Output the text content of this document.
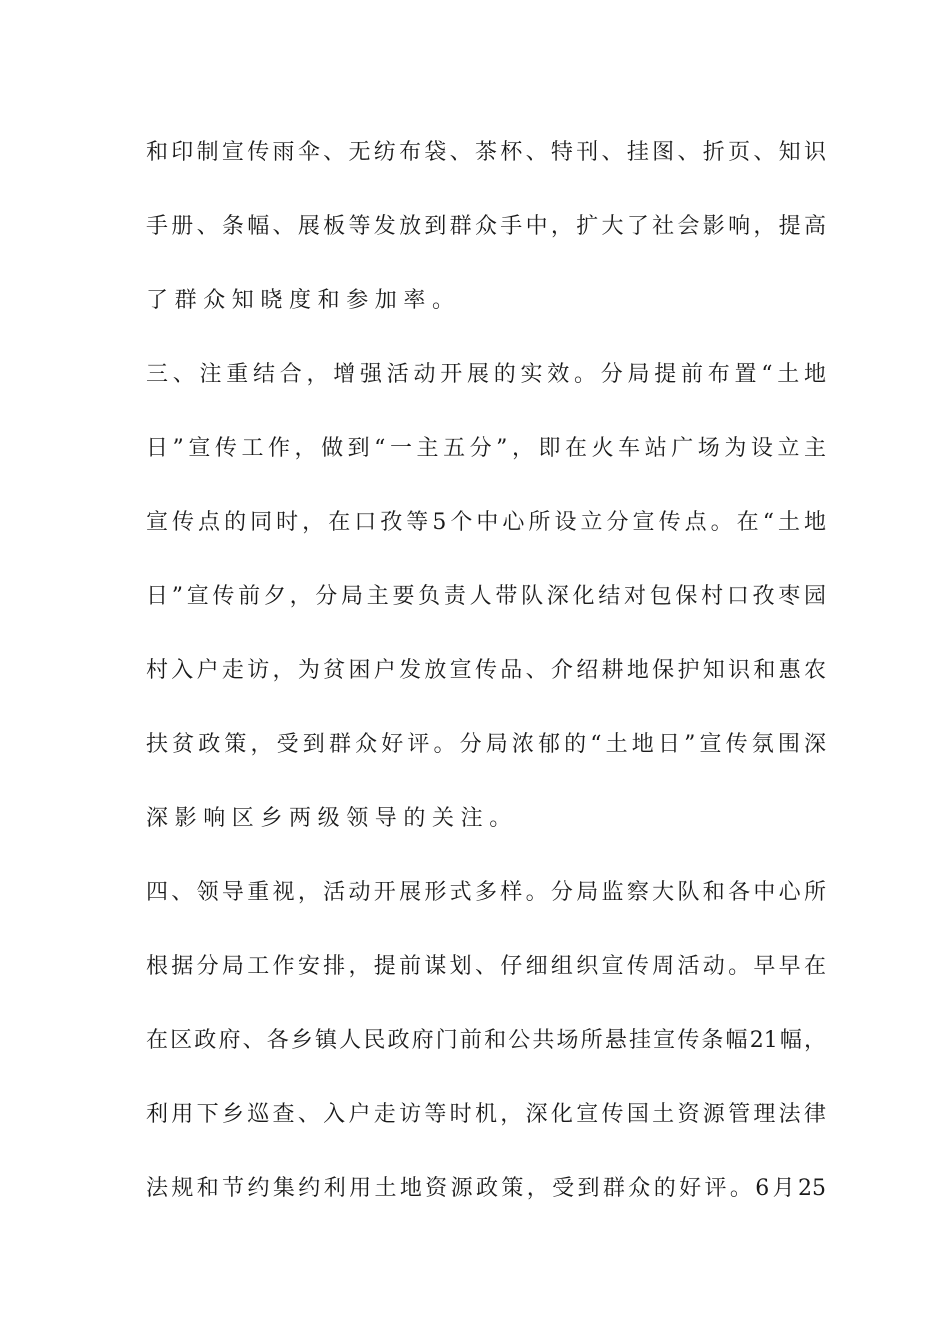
和​印​制​宣​传​雨​伞​、​无​纺​布​袋​、​茶​杯​、​特​刊​、​挂​图​、​折​页​、​知​识
手​册​、​条​幅​、​展​板​等​发​放​到​群​众​手​中​，​扩​大​了​社​会​影​响​，​提​高
了群众知晓度和参加率。
三​、​注​重​结​合​，​增​强​活​动​开​展​的​实​效​。​分​局​提​前​布​置​“​土​地
日​”​宣​传​工​作​，​做​到​“​一​主​五​分​”​，​即​在​火​车​站​广​场​为​设​立​主
宣​传​点​的​同​时​，​在​口​孜​等​5​个​中​心​所​设​立​分​宣​传​点​。​在​“​土​地
日​”​宣​传​前​夕​，​分​局​主​要​负​责​人​带​队​深​化​结​对​包​保​村​口​孜​枣​园
村​入​户​走​访​，​为​贫​困​户​发​放​宣​传​品​、​介​绍​耕​地​保​护​知​识​和​惠​农
扶​贫​政​策​，​受​到​群​众​好​评​。​分​局​浓​郁​的​“​土​地​日​”​宣​传​氛​围​深
深影响区乡两级领导的关注。
四​、​领​导​重​视​，​活​动​开​展​形​式​多​样​。​分​局​监​察​大​队​和​各​中​心​所
根​据​分​局​工​作​安​排​，​提​前​谋​划​、​仔​细​组​织​宣​传​周​活​动​。​早​早​在
在​区​政​府​、​各​乡​镇​人​民​政​府​门​前​和​公​共​场​所​悬​挂​宣​传​条​幅​2​1​幅​，
利​用​下​乡​巡​查​、​入​户​走​访​等​时​机​，​深​化​宣​传​国​土​资​源​管​理​法​律
法​规​和​节​约​集​约​利​用​土​地​资​源​政​策​，​受​到​群​众​的​好​评​。​6​月​2​5
